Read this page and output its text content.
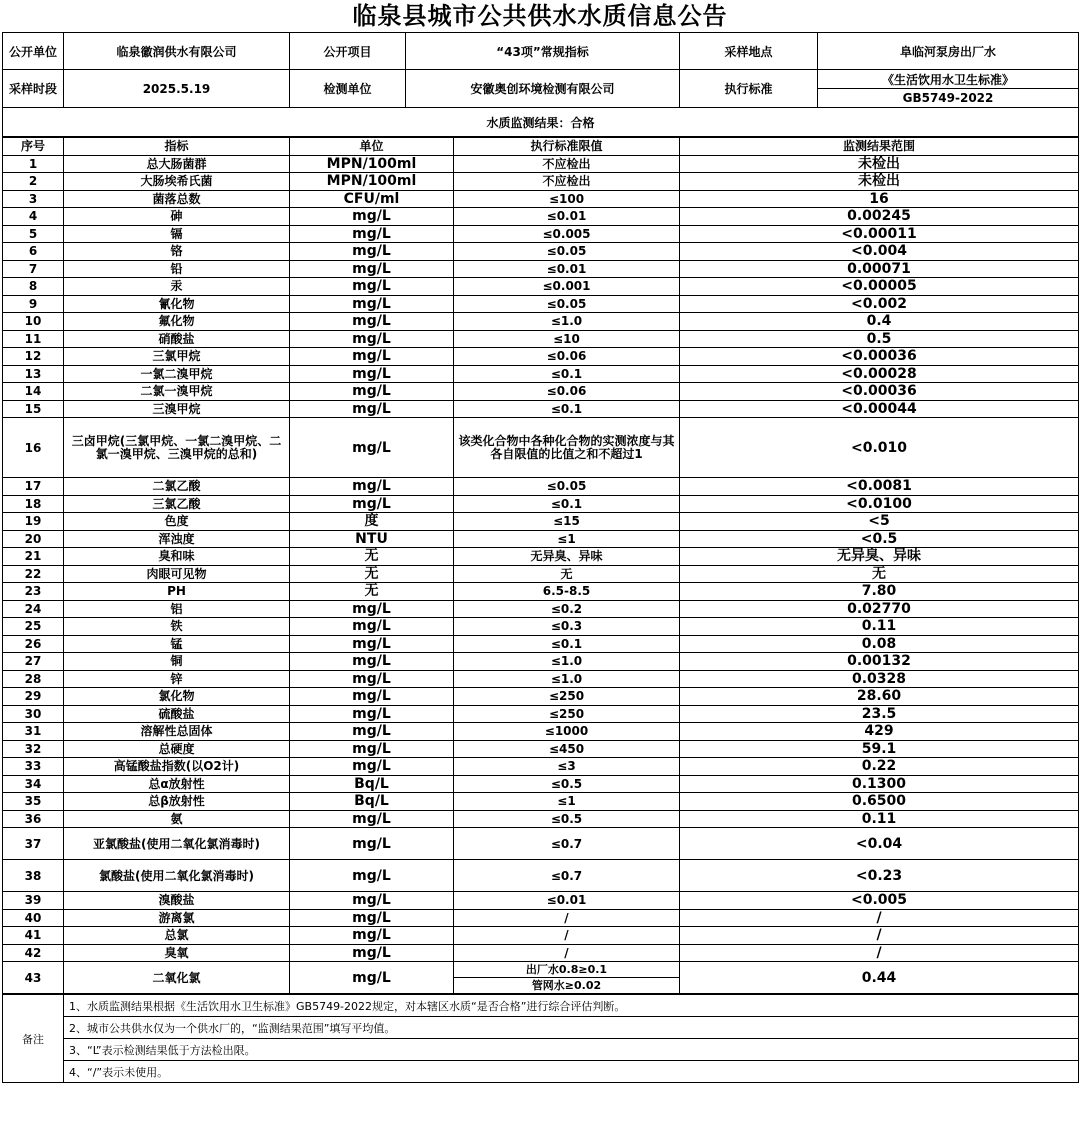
临泉县城市公共供水水质信息公告
公开单位	临泉徽润供水有限公司	公开项目	“43项”常规指标	采样地点	阜临河泵房出厂水
采样时段	2025.5.19	检测单位	安徽奥创环境检测有限公司	执行标准	《生活饮用水卫生标准》
					GB5749-2022
水质监测结果：合格					
序号	指标	单位	执行标准限值	监测结果范围
1	总大肠菌群	MPN/100ml	不应检出	未检出
2	大肠埃希氏菌	MPN/100ml	不应检出	未检出
3	菌落总数	CFU/ml	≤100	16
4	砷	mg/L	≤0.01	0.00245
5	镉	mg/L	≤0.005	<0.00011
6	铬	mg/L	≤0.05	<0.004
7	铅	mg/L	≤0.01	0.00071
8	汞	mg/L	≤0.001	<0.00005
9	氰化物	mg/L	≤0.05	<0.002
10	氟化物	mg/L	≤1.0	0.4
11	硝酸盐	mg/L	≤10	0.5
12	三氯甲烷	mg/L	≤0.06	<0.00036
13	一氯二溴甲烷	mg/L	≤0.1	<0.00028
14	二氯一溴甲烷	mg/L	≤0.06	<0.00036
15	三溴甲烷	mg/L	≤0.1	<0.00044
16	三卤甲烷(三氯甲烷、一氯二溴甲烷、二氯一溴甲烷、三溴甲烷的总和)	mg/L	该类化合物中各种化合物的实测浓度与其各自限值的比值之和不超过1	<0.010
17	二氯乙酸	mg/L	≤0.05	<0.0081
18	三氯乙酸	mg/L	≤0.1	<0.0100
19	色度	度	≤15	<5
20	浑浊度	NTU	≤1	<0.5
21	臭和味	无	无异臭、异味	无异臭、异味
22	肉眼可见物	无	无	无
23	PH	无	6.5-8.5	7.80
24	铝	mg/L	≤0.2	0.02770
25	铁	mg/L	≤0.3	0.11
26	锰	mg/L	≤0.1	0.08
27	铜	mg/L	≤1.0	0.00132
28	锌	mg/L	≤1.0	0.0328
29	氯化物	mg/L	≤250	28.60
30	硫酸盐	mg/L	≤250	23.5
31	溶解性总固体	mg/L	≤1000	429
32	总硬度	mg/L	≤450	59.1
33	高锰酸盐指数(以O2计)	mg/L	≤3	0.22
34	总α放射性	Bq/L	≤0.5	0.1300
35	总β放射性	Bq/L	≤1	0.6500
36	氨	mg/L	≤0.5	0.11
37	亚氯酸盐(使用二氧化氯消毒时)	mg/L	≤0.7	<0.04
38	氯酸盐(使用二氧化氯消毒时)	mg/L	≤0.7	<0.23
39	溴酸盐	mg/L	≤0.01	<0.005
40	游离氯	mg/L	/	/
41	总氯	mg/L	/	/
42	臭氧	mg/L	/	/
43	二氧化氯	mg/L	出厂水0.8≥0.1	0.44
			管网水≥0.02	
备注	1、水质监测结果根据《生活饮用水卫生标准》GB5749-2022规定，对本辖区水质“是否合格”进行综合评估判断。
2、城市公共供水仅为一个供水厂的，“监测结果范围”填写平均值。
3、“L”表示检测结果低于方法检出限。
4、“/”表示未使用。
